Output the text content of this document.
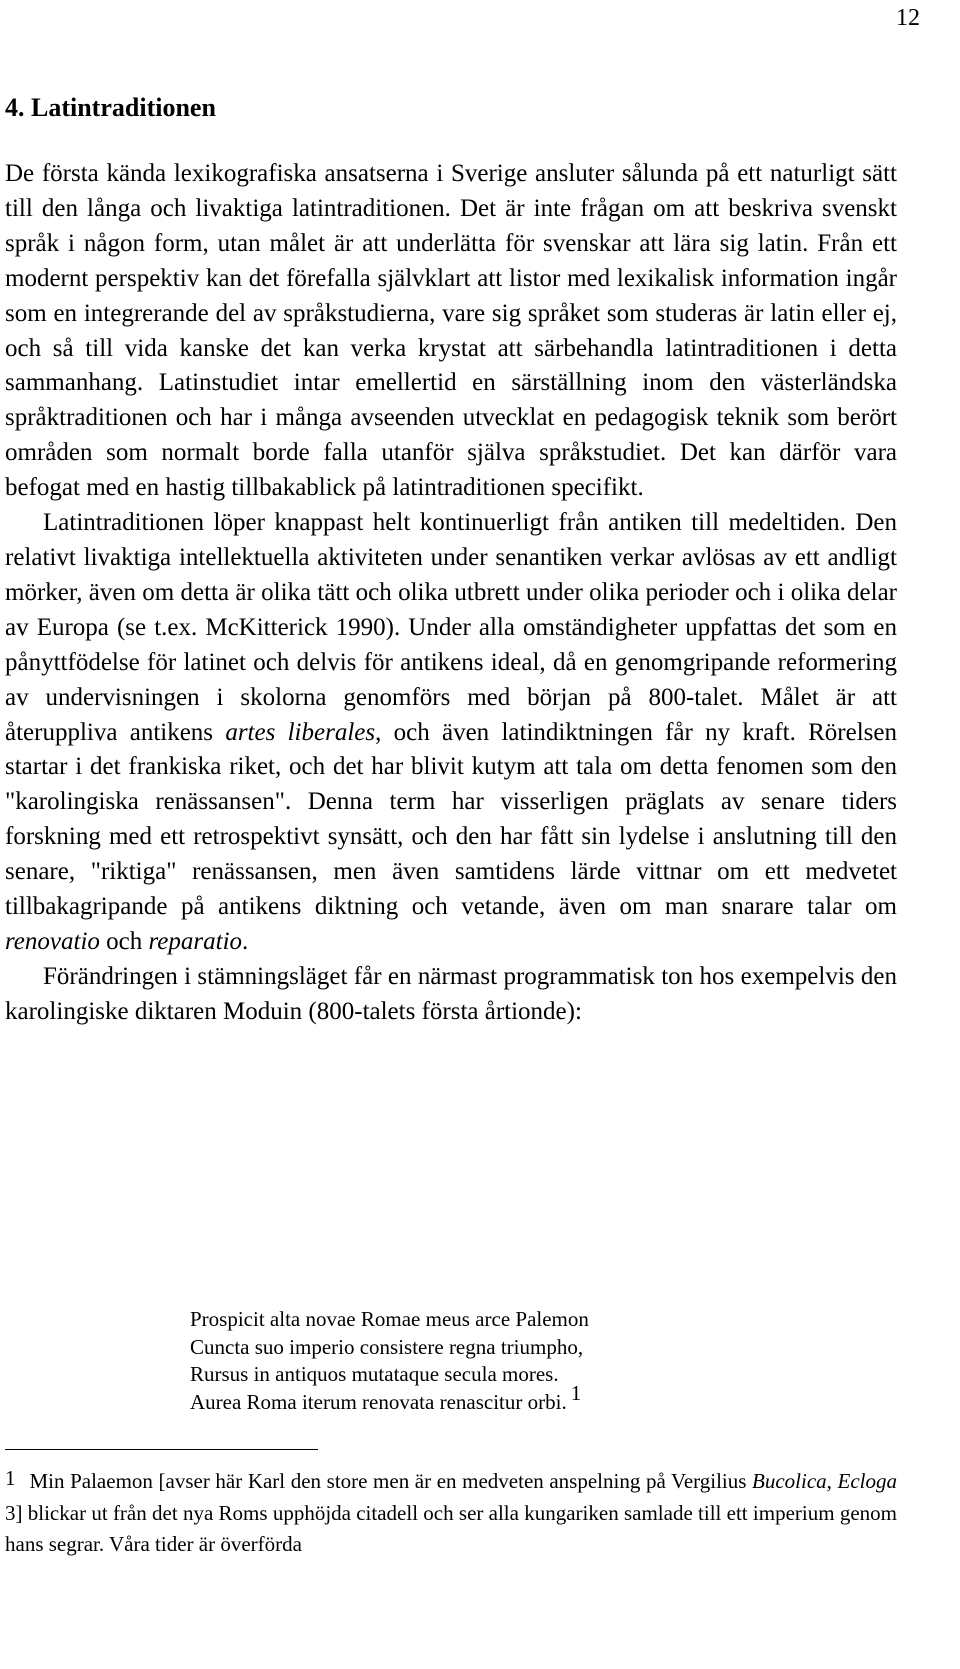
12
4. Latintraditionen

De första kända lexikografiska ansatserna i Sverige ansluter sålunda på ett naturligt sätt till den långa och livaktiga latintraditionen. Det är inte frågan om att beskriva svenskt språk i någon form, utan målet är att underlätta för svenskar att lära sig latin. Från ett modernt perspektiv kan det förefalla självklart att listor med lexikalisk information ingår som en integrerande del av språkstudierna, vare sig språket som studeras är latin eller ej, och så till vida kanske det kan verka krystat att särbehandla latintraditionen i detta sammanhang. Latinstudiet intar emellertid en särställning inom den västerländska språktraditionen och har i många avseenden utvecklat en pedagogisk teknik som berört områden som normalt borde falla utanför själva språkstudiet. Det kan därför vara befogat med en hastig tillbakablick på latintraditionen specifikt.

Latintraditionen löper knappast helt kontinuerligt från antiken till medeltiden. Den relativt livaktiga intellektuella aktiviteten under senantiken verkar avlösas av ett andligt mörker, även om detta är olika tätt och olika utbrett under olika perioder och i olika delar av Europa (se t.ex. McKitterick 1990). Under alla omständigheter uppfattas det som en pånyttfödelse för latinet och delvis för antikens ideal, då en genomgripande reformering av undervisningen i skolorna genomförs med början på 800-talet. Målet är att återuppliva antikens artes liberales, och även latindiktningen får ny kraft. Rörelsen startar i det frankiska riket, och det har blivit kutym att tala om detta fenomen som den "karolingiska renässansen". Denna term har visserligen präglats av senare tiders forskning med ett retrospektivt synsätt, och den har fått sin lydelse i anslutning till den senare, "riktiga" renässansen, men även samtidens lärde vittnar om ett medvetet tillbakagripande på antikens diktning och vetande, även om man snarare talar om renovatio och reparatio.

Förändringen i stämningsläget får en närmast programmatisk ton hos exempelvis den karolingiske diktaren Moduin (800-talets första årtionde):

Prospicit alta novae Romae meus arce Palemon
Cuncta suo imperio consistere regna triumpho,
Rursus in antiquos mutataque secula mores.
Aurea Roma iterum renovata renascitur orbi. $^1$
1 Min Palaemon [avser här Karl den store men är en medveten anspelning på Vergilius Bucolica, Ecloga 3] blickar ut från det nya Roms upphöjda citadell och ser alla kungariken samlade till ett imperium genom hans segrar. Våra tider är överförda
